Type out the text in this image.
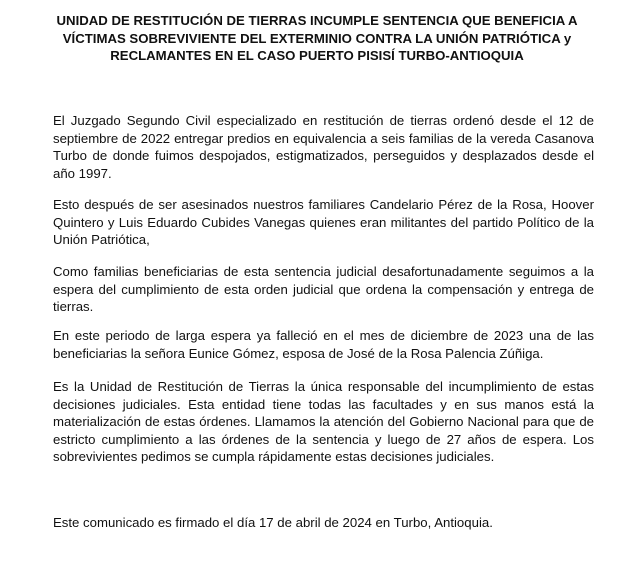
UNIDAD DE RESTITUCIÓN DE TIERRAS INCUMPLE SENTENCIA QUE BENEFICIA A VÍCTIMAS SOBREVIVIENTE DEL EXTERMINIO CONTRA LA UNIÓN PATRIÓTICA y RECLAMANTES EN EL CASO PUERTO PISISÍ TURBO-ANTIOQUIA

El Juzgado Segundo Civil especializado en restitución de tierras ordenó desde el 12 de septiembre de 2022 entregar predios en equivalencia a seis familias de la vereda Casanova Turbo de donde fuimos despojados, estigmatizados, perseguidos y desplazados desde el año 1997.

Esto después de ser asesinados nuestros familiares Candelario Pérez de la Rosa, Hoover Quintero y Luis Eduardo Cubides Vanegas quienes eran militantes del partido Político de la Unión Patriótica,

Como familias beneficiarias de esta sentencia judicial desafortunadamente seguimos a la espera del cumplimiento de esta orden judicial que ordena la compensación y entrega de tierras.

En este periodo de larga espera ya falleció en el mes de diciembre de 2023 una de las beneficiarias la señora Eunice Gómez, esposa de José de la Rosa Palencia Zúñiga.

Es la Unidad de Restitución de Tierras la única responsable del incumplimiento de estas decisiones judiciales. Esta entidad tiene todas las facultades y en sus manos está la materialización de estas órdenes. Llamamos la atención del Gobierno Nacional para que de estricto cumplimiento a las órdenes de la sentencia y luego de 27 años de espera. Los sobrevivientes pedimos se cumpla rápidamente estas decisiones judiciales.

Este comunicado es firmado el día 17 de abril de 2024 en Turbo, Antioquia.
